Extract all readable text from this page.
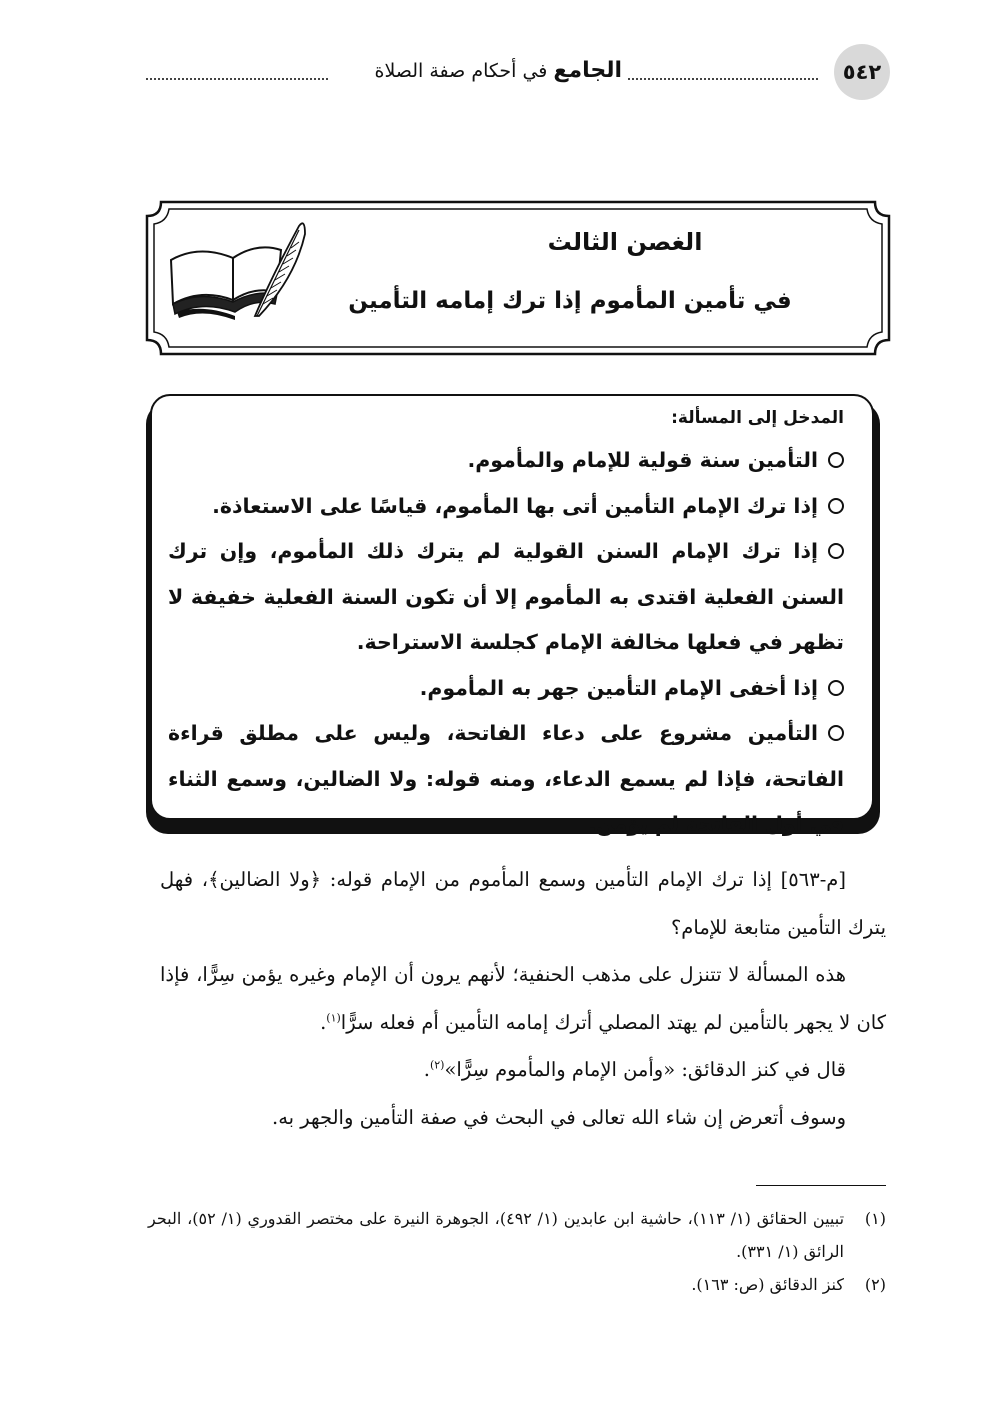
٥٤٢
الجامع في أحكام صفة الصلاة
الغصن الثالث
في تأمين المأموم إذا ترك إمامه التأمين
المدخل إلى المسألة:

التأمين سنة قولية للإمام والمأموم.

إذا ترك الإمام التأمين أتى بها المأموم، قياسًا على الاستعاذة.

إذا ترك الإمام السنن القولية لم يترك ذلك المأموم، وإن ترك السنن الفعلية اقتدى به المأموم إلا أن تكون السنة الفعلية خفيفة لا تظهر في فعلها مخالفة الإمام كجلسة الاستراحة.

إذا أخفى الإمام التأمين جهر به المأموم.

التأمين مشروع على دعاء الفاتحة، وليس على مطلق قراءة الفاتحة، فإذا لم يسمع الدعاء، ومنه قوله: ولا الضالين، وسمع الثناء في أول الفاتحة لم يؤمن.

[م-٥٦٣] إذا ترك الإمام التأمين وسمع المأموم من الإمام قوله: ﴿ولا الضالين﴾، فهل يترك التأمين متابعة للإمام؟

هذه المسألة لا تتنزل على مذهب الحنفية؛ لأنهم يرون أن الإمام وغيره يؤمن سِرًّا، فإذا كان لا يجهر بالتأمين لم يهتد المصلي أترك إمامه التأمين أم فعله سرًّا$^{(١)}$.

قال في كنز الدقائق: «وأمن الإمام والمأموم سِرًّا»$^{(٢)}$.

وسوف أتعرض إن شاء الله تعالى في البحث في صفة التأمين والجهر به.

(١)
تبيين الحقائق (١/ ١١٣)، حاشية ابن عابدين (١/ ٤٩٢)، الجوهرة النيرة على مختصر القدوري (١/ ٥٢)، البحر الرائق (١/ ٣٣١).
(٢)
كنز الدقائق (ص: ١٦٣).
